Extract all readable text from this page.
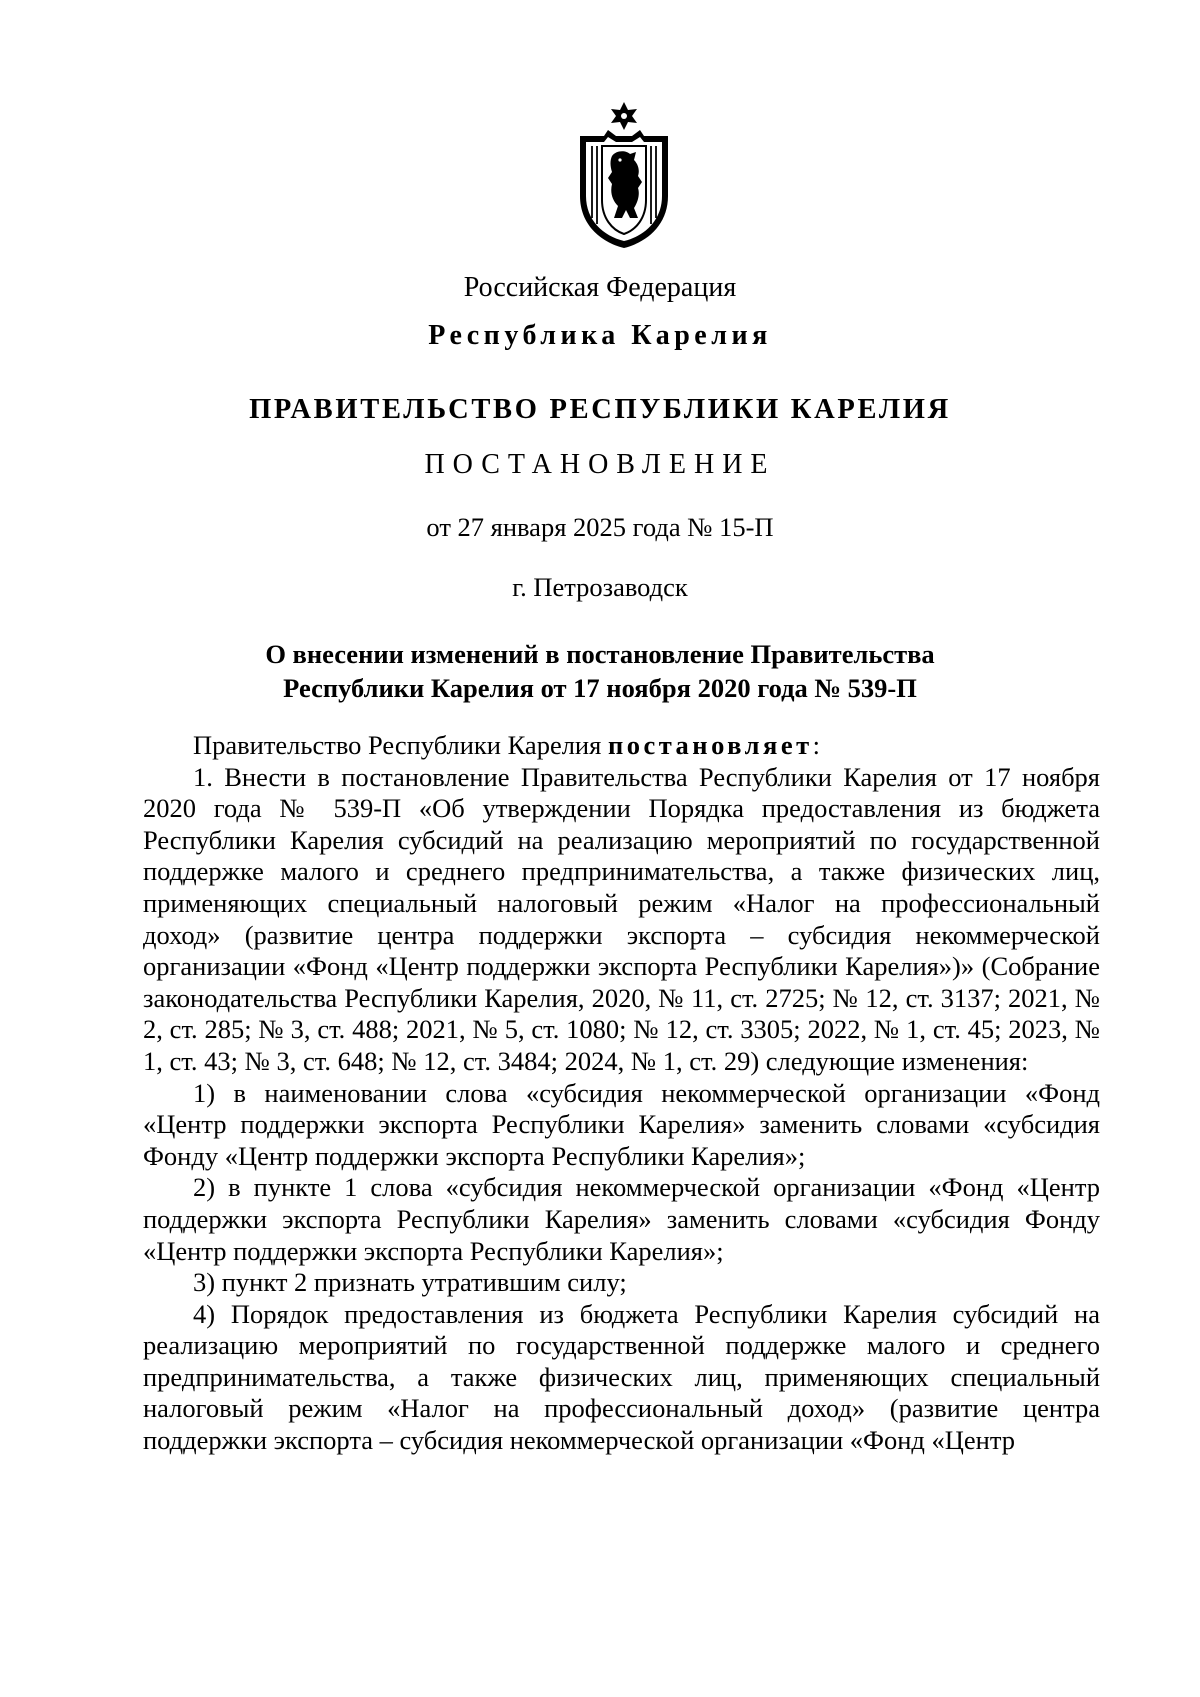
Российская Федерация
Республика Карелия
ПРАВИТЕЛЬСТВО РЕСПУБЛИКИ КАРЕЛИЯ
ПОСТАНОВЛЕНИЕ
от 27 января 2025 года № 15-П
г. Петрозаводск
О внесении изменений в постановление Правительства
Республики Карелия от 17 ноября 2020 года № 539-П

Правительство Республики Карелия постановляет:

1. Внести в постановление Правительства Республики Карелия от 17 ноября 2020 года № 539-П «Об утверждении Порядка предоставления из бюджета Республики Карелия субсидий на реализацию мероприятий по государственной поддержке малого и среднего предпринимательства, а также физических лиц, применяющих специальный налоговый режим «Налог на профессиональный доход» (развитие центра поддержки экспорта – субсидия некоммерческой организации «Фонд «Центр поддержки экспорта Республики Карелия»)» (Собрание законодательства Республики Карелия, 2020, № 11, ст. 2725; № 12, ст. 3137; 2021, № 2, ст. 285; № 3, ст. 488; 2021, № 5, ст. 1080; № 12, ст. 3305; 2022, № 1, ст. 45; 2023, № 1, ст. 43; № 3, ст. 648; № 12, ст. 3484; 2024, № 1, ст. 29) следующие изменения:

1) в наименовании слова «субсидия некоммерческой организации «Фонд «Центр поддержки экспорта Республики Карелия» заменить словами «субсидия Фонду «Центр поддержки экспорта Республики Карелия»;

2) в пункте 1 слова «субсидия некоммерческой организации «Фонд «Центр поддержки экспорта Республики Карелия» заменить словами «субсидия Фонду «Центр поддержки экспорта Республики Карелия»;

3) пункт 2 признать утратившим силу;

4) Порядок предоставления из бюджета Республики Карелия субсидий на реализацию мероприятий по государственной поддержке малого и среднего предпринимательства, а также физических лиц, применяющих специальный налоговый режим «Налог на профессиональный доход» (развитие центра поддержки экспорта – субсидия некоммерческой организации «Фонд «Центр
